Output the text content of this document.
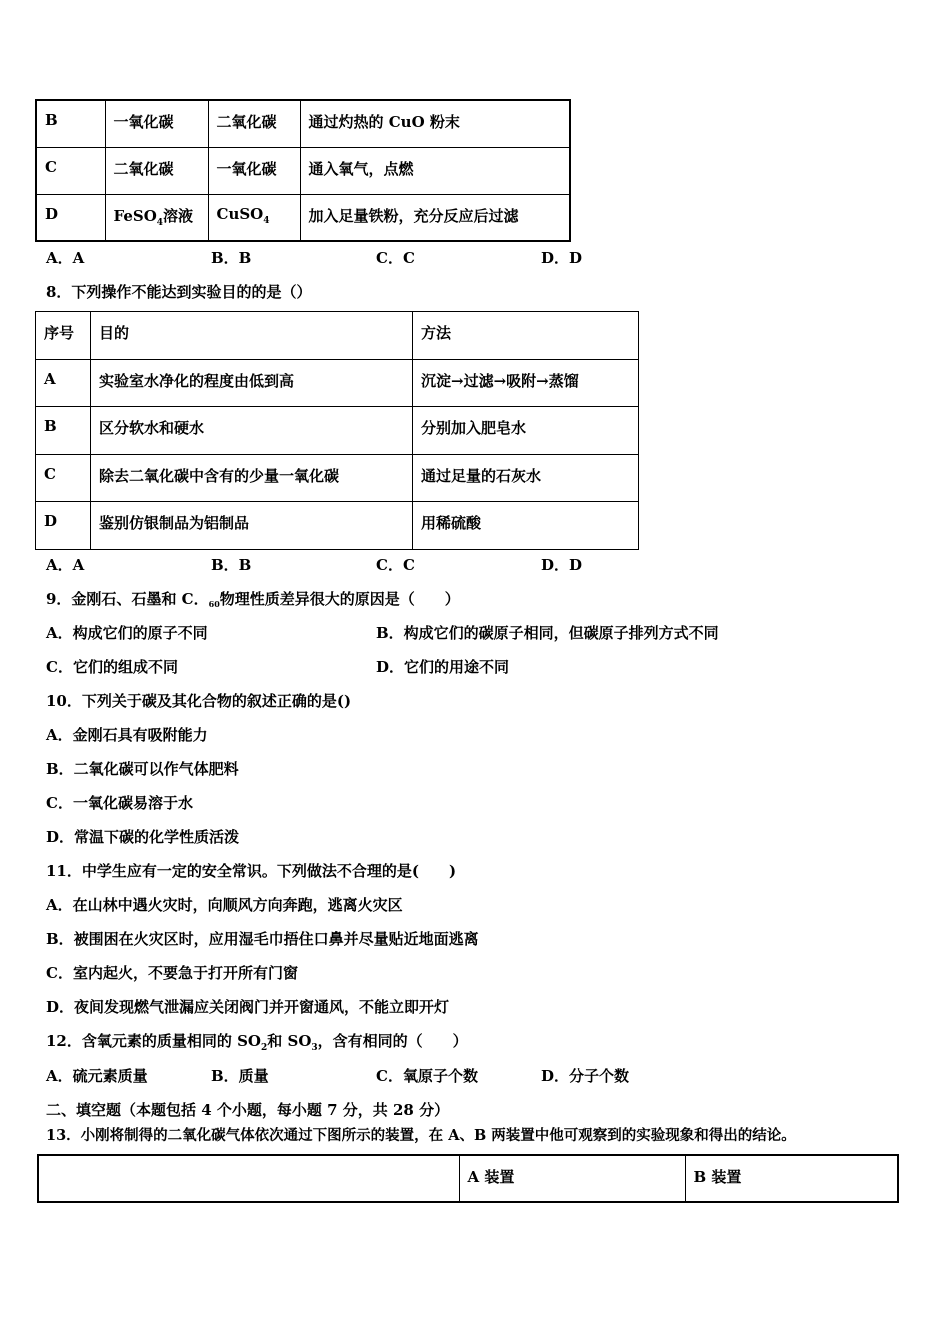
B	一氧化碳	二氧化碳	通过灼热的 CuO 粉末
C	二氧化碳	一氧化碳	通入氧气，点燃
D	FeSO$_4$溶液	CuSO$_4$	加入足量铁粉，充分反应后过滤
A．A	B．B	C．C	D．D
8．下列操作不能达到实验目的的是（）
序号	目的	方法
A	实验室水净化的程度由低到高	沉淀→过滤→吸附→蒸馏
B	区分软水和硬水	分别加入肥皂水
C	除去二氧化碳中含有的少量一氧化碳	通过足量的石灰水
D	鉴别仿银制品为铝制品	用稀硫酸
A．A	B．B	C．C	D．D
9．金刚石、石墨和 C．$_{60}$物理性质差异很大的原因是（　　）
A．构成它们的原子不同	B．构成它们的碳原子相同，但碳原子排列方式不同
C．它们的组成不同	D．它们的用途不同
10．下列关于碳及其化合物的叙述正确的是()
A．金刚石具有吸附能力
B．二氧化碳可以作气体肥料
C．一氧化碳易溶于水
D．常温下碳的化学性质活泼
11．中学生应有一定的安全常识。下列做法不合理的是(　　)
A．在山林中遇火灾时，向顺风方向奔跑，逃离火灾区
B．被围困在火灾区时，应用湿毛巾捂住口鼻并尽量贴近地面逃离
C．室内起火，不要急于打开所有门窗
D．夜间发现燃气泄漏应关闭阀门并开窗通风，不能立即开灯
12．含氧元素的质量相同的 $SO_2$和 $SO_3$，含有相同的（　　）
A．硫元素质量	B．质量	C．氧原子个数	D．分子个数
二、填空题（本题包括 4 个小题，每小题 7 分，共 28 分）
13．小刚将制得的二氧化碳气体依次通过下图所示的装置，在 A、B 两装置中他可观察到的实验现象和得出的结论。
	A 装置	B 装置
